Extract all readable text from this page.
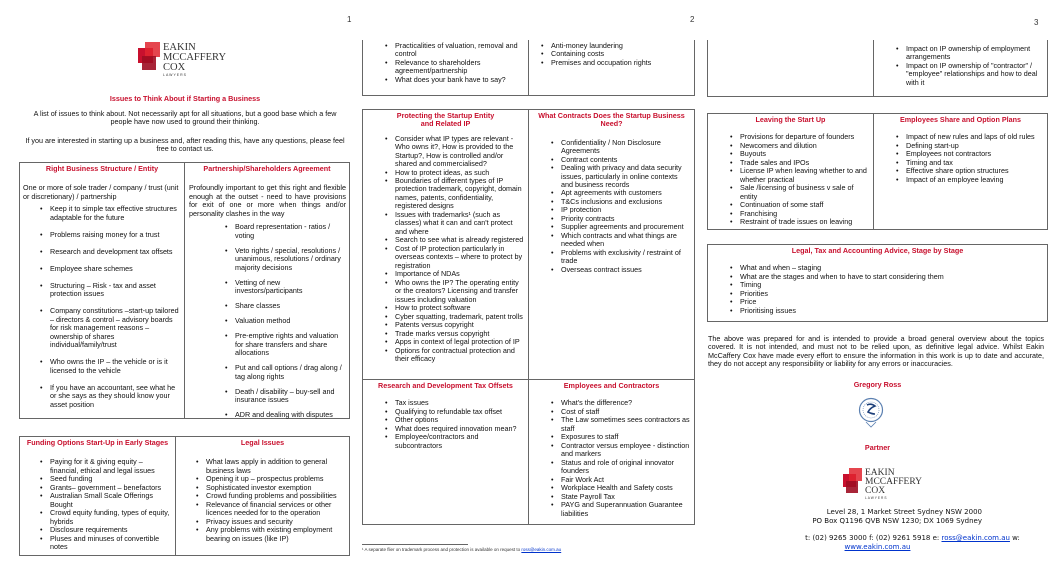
1	2	3
EAKIN
MCCAFFERY
COX
LAWYERS
Issues to Think About if Starting a Business
A list of issues to think about. Not necessarily apt for all situations, but a good base which a few people have now used to ground their thinking.
If you are interested in starting up a business and, after reading this, have any questions, please feel free to contact us.
Right Business Structure / Entity
One or more of sole trader / company / trust (unit or discretionary) / partnership
• Keep it to simple tax effective structures adaptable for the future
• Problems raising money for a trust
• Research and development tax offsets
• Employee share schemes
• Structuring – Risk - tax and asset protection issues
• Company constitutions –start-up tailored – directors & control – advisory boards for risk management reasons – ownership of shares individual/family/trust
• Who owns the IP – the vehicle or is it licensed to the vehicle
• If you have an accountant, see what he or she says as they should know your asset position
Partnership/Shareholders Agreement
Profoundly important to get this right and flexible enough at the outset - need to have provisions for exit of one or more when things and/or personality clashes in the way
• Board representation - ratios / voting
• Veto rights / special, resolutions / unanimous, resolutions / ordinary majority decisions
• Vetting of new investors/participants
• Share classes
• Valuation method
• Pre-emptive rights and valuation for share transfers and share allocations
• Put and call options / drag along / tag along rights
• Death / disability – buy-sell and insurance issues
• ADR and dealing with disputes
Funding Options Start-Up in Early Stages
• Paying for it & giving equity – financial, ethical and legal issues
• Seed funding
• Grants– government – benefactors
• Australian Small Scale Offerings Bought
• Crowd equity funding, types of equity, hybrids
• Disclosure requirements
• Pluses and minuses of convertible notes
Legal Issues
• What laws apply in addition to general business laws
• Opening it up – prospectus problems
• Sophisticated investor exemption
• Crowd funding problems and possibilities
• Relevance of financial services or other licences needed for to the operation
• Privacy issues and security
• Any problems with existing employment bearing on issues (like IP)
• Practicalities of valuation, removal and control
• Relevance to shareholders agreement/partnership
• What does your bank have to say?
• Anti-money laundering
• Containing costs
• Premises and occupation rights
Protecting the Startup Entity
and Related IP
• Consider what IP types are relevant - Who owns it?, How is provided to the Startup?, How is controlled and/or shared and commercialised?
• How to protect ideas, as such
• Boundaries of different types of IP protection trademark, copyright, domain names, patents, confidentiality, registered designs
• Issues with trademarks¹ (such as classes) what it can and can't protect and where
• Search to see what is already registered
• Cost of IP protection particularly in overseas contexts – where to protect by registration
• Importance of NDAs
• Who owns the IP? The operating entity or the creators? Licensing and transfer issues including valuation
• How to protect software
• Cyber squatting, trademark, patent trolls
• Patents versus copyright
• Trade marks versus copyright
• Apps in context of legal protection of IP
• Options for contractual protection and their efficacy
What Contracts Does the Startup Business
Need?
• Confidentiality / Non Disclosure Agreements
• Contract contents
• Dealing with privacy and data security issues, particularly in online contexts and business records
• Apt agreements with customers
• T&Cs inclusions and exclusions
• IP protection
• Priority contracts
• Supplier agreements and procurement
• Which contracts and what things are needed when
• Problems with exclusivity / restraint of trade
• Overseas contract issues
Research and Development Tax Offsets
• Tax issues
• Qualifying to refundable tax offset
• Other options
• What does required innovation mean?
• Employee/contractors and subcontractors
Employees and Contractors
• What's the difference?
• Cost of staff
• The Law sometimes sees contractors as staff
• Exposures to staff
• Contractor versus employee - distinction and markers
• Status and role of original innovator founders
• Fair Work Act
• Workplace Health and Safety costs
• State Payroll Tax
• PAYG and Superannuation Guarantee liabilities
¹ A separate flier on trademark process and protection is available on request to ross@eakin.com.au
• Impact on IP ownership of employment arrangements
• Impact on IP ownership of "contractor" / "employee" relationships and how to deal with it
Leaving the Start Up
• Provisions for departure of founders
• Newcomers and dilution
• Buyouts
• Trade sales and IPOs
• License IP when leaving whether to and whether practical
• Sale /licensing of business v sale of entity
• Continuation of some staff
• Franchising
• Restraint of trade issues on leaving
Employees Share and Option Plans
• Impact of new rules and laps of old rules
• Defining start-up
• Employees not contractors
• Timing and tax
• Effective share option structures
• Impact of an employee leaving
Legal, Tax and Accounting Advice, Stage by Stage
• What and when – staging
• What are the stages and when to have to start considering them
• Timing
• Priorities
• Price
• Prioritising issues
The above was prepared for and is intended to provide a broad general overview about the topics covered. It is not intended, and must not to be relied upon, as definitive legal advice. Whilst Eakin McCaffery Cox have made every effort to ensure the information in this work is up to date and accurate, they do not accept any responsibility or liability for any errors or inaccuracies.
Gregory Ross
Partner
EAKIN
MCCAFFERY
COX
LAWYERS
Level 28, 1 Market Street Sydney NSW 2000
PO Box Q1196 QVB NSW 1230; DX 1069 Sydney
t: (02) 9265 3000 f: (02) 9261 5918 e: ross@eakin.com.au w:
www.eakin.com.au
